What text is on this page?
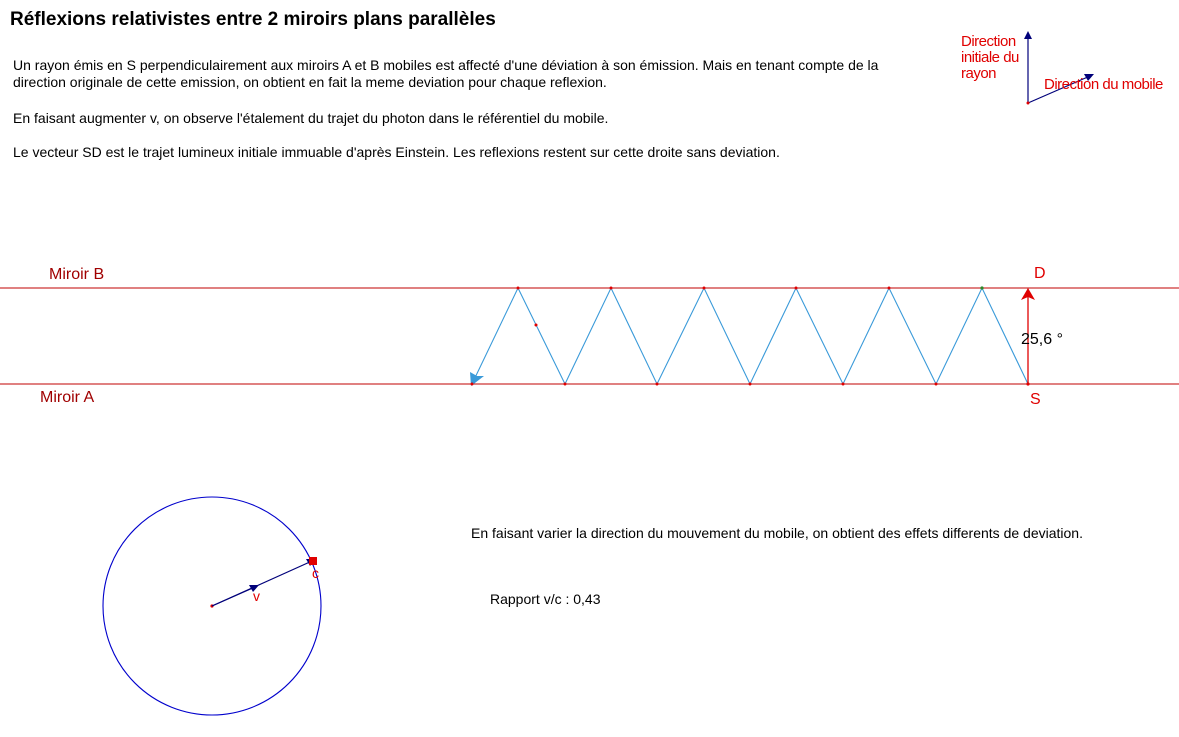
Réflexions relativistes entre 2 miroirs plans parallèles
Un rayon émis en S perpendiculairement aux miroirs A et B mobiles est affecté d'une déviation à son émission. Mais en tenant compte de la direction originale de cette emission, on obtient en fait la meme deviation pour chaque reflexion.
En faisant augmenter v, on observe l'étalement du trajet du photon dans le référentiel du mobile.
Le vecteur SD est le trajet lumineux initiale immuable d'après Einstein. Les reflexions restent sur cette droite sans deviation.
Direction initiale du rayon
Direction du mobile
Miroir B
Miroir A
D
S
25,6 °
v
c
En faisant varier la direction du mouvement du mobile, on obtient des effets differents de deviation.
Rapport v/c : 0,43
